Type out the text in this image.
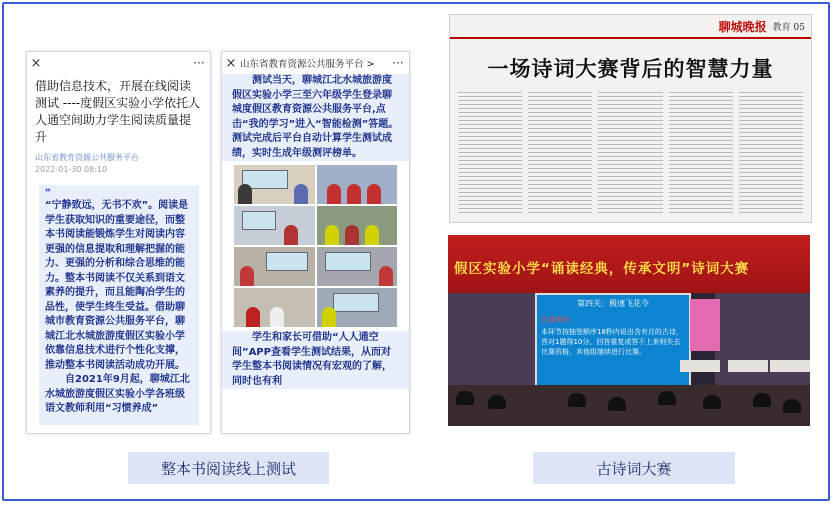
×	···
借助信息技术，开展在线阅读测试 ----度假区实验小学依托人人通空间助力学生阅读质量提升
山东省教育资源公共服务平台
2022-01-30 08:10
❞
“宁静致远，无书不欢”。阅读是学生获取知识的重要途径，而整本书阅读能锻炼学生对阅读内容更强的信息提取和理解把握的能力、更强的分析和综合思维的能力。整本书阅读不仅关系到语文素养的提升，而且能陶冶学生的品性，使学生终生受益。借助聊城市教育资源公共服务平台，聊城江北水城旅游度假区实验小学依靠信息技术进行个性化支撑，推动整本书阅读活动成功开展。
自2021年9月起，聊城江北水城旅游度假区实验小学各班级语文教师利用“习惯养成”
× 山东省教育资源公共服务平台 >	···
测试当天，聊城江北水城旅游度假区实验小学三至六年级学生登录聊城度假区教育资源公共服务平台,点击“我的学习”进入“智能检测”答题。测试完成后平台自动计算学生测试成绩，实时生成年级测评榜单。
学生和家长可借助“人人通空间”APP查看学生测试结果，从而对学生整本书阅读情况有宏观的了解，同时也有利
聊城晚报 教育 05
一场诗词大赛背后的智慧力量
假区实验小学“诵读经典，传承文明”诗词大赛
第四关：极速飞花令
比赛规则
本环节按抽签顺序18秒内说出含有月的古诗，答对1题得10分，回答重复或答不上来则失去比赛资格，其他组继续进行比赛。
整本书阅读线上测试	古诗词大赛
